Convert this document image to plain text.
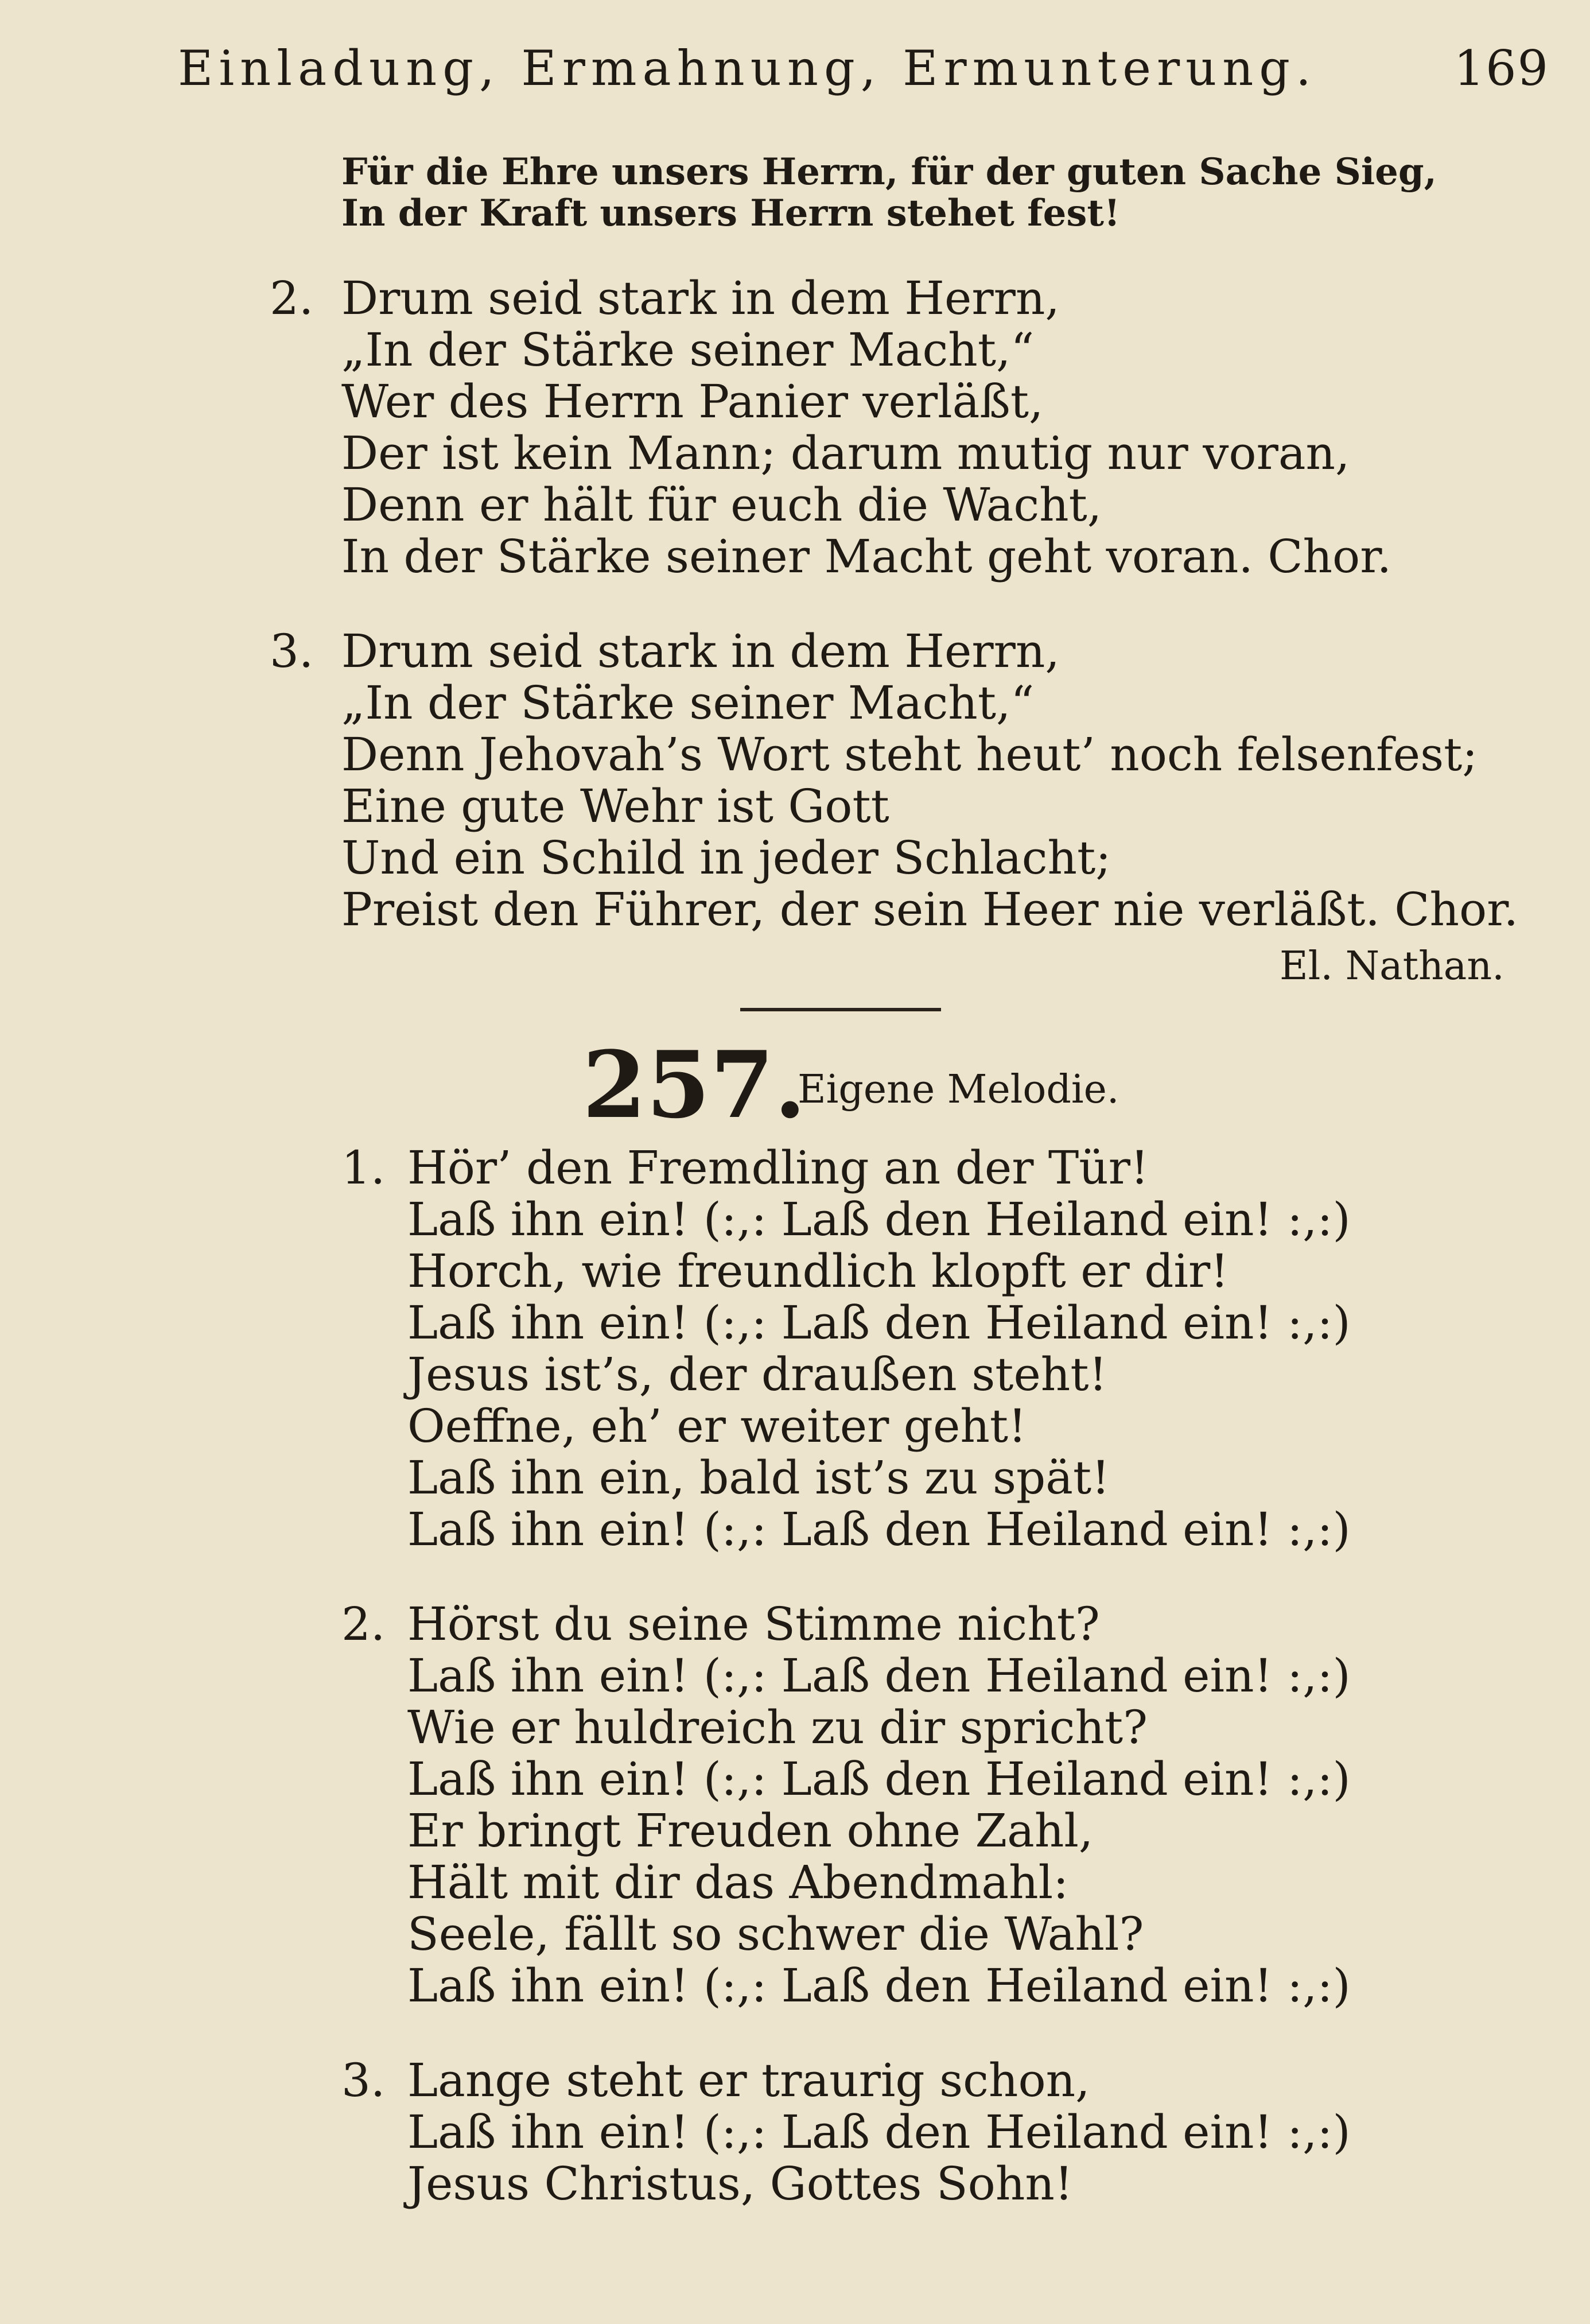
Einladung, Ermahnung, Ermunterung.	169
Für die Ehre unsers Herrn, für der guten Sache Sieg,
In der Kraft unsers Herrn stehet fest!
2. Drum seid stark in dem Herrn,
„In der Stärke seiner Macht,“
Wer des Herrn Panier verläßt,
Der ist kein Mann; darum mutig nur voran,
Denn er hält für euch die Wacht,
In der Stärke seiner Macht geht voran. Chor.
3. Drum seid stark in dem Herrn,
„In der Stärke seiner Macht,“
Denn Jehovah’s Wort steht heut’ noch felsenfest;
Eine gute Wehr ist Gott
Und ein Schild in jeder Schlacht;
Preist den Führer, der sein Heer nie verläßt. Chor.
El. Nathan.
257.
Eigene Melodie.
1. Hör’ den Fremdling an der Tür!
Laß ihn ein! (:,: Laß den Heiland ein! :,:)
Horch, wie freundlich klopft er dir!
Laß ihn ein! (:,: Laß den Heiland ein! :,:)
Jesus ist’s, der draußen steht!
Oeffne, eh’ er weiter geht!
Laß ihn ein, bald ist’s zu spät!
Laß ihn ein! (:,: Laß den Heiland ein! :,:)
2. Hörst du seine Stimme nicht?
Laß ihn ein! (:,: Laß den Heiland ein! :,:)
Wie er huldreich zu dir spricht?
Laß ihn ein! (:,: Laß den Heiland ein! :,:)
Er bringt Freuden ohne Zahl,
Hält mit dir das Abendmahl:
Seele, fällt so schwer die Wahl?
Laß ihn ein! (:,: Laß den Heiland ein! :,:)
3. Lange steht er traurig schon,
Laß ihn ein! (:,: Laß den Heiland ein! :,:)
Jesus Christus, Gottes Sohn!
